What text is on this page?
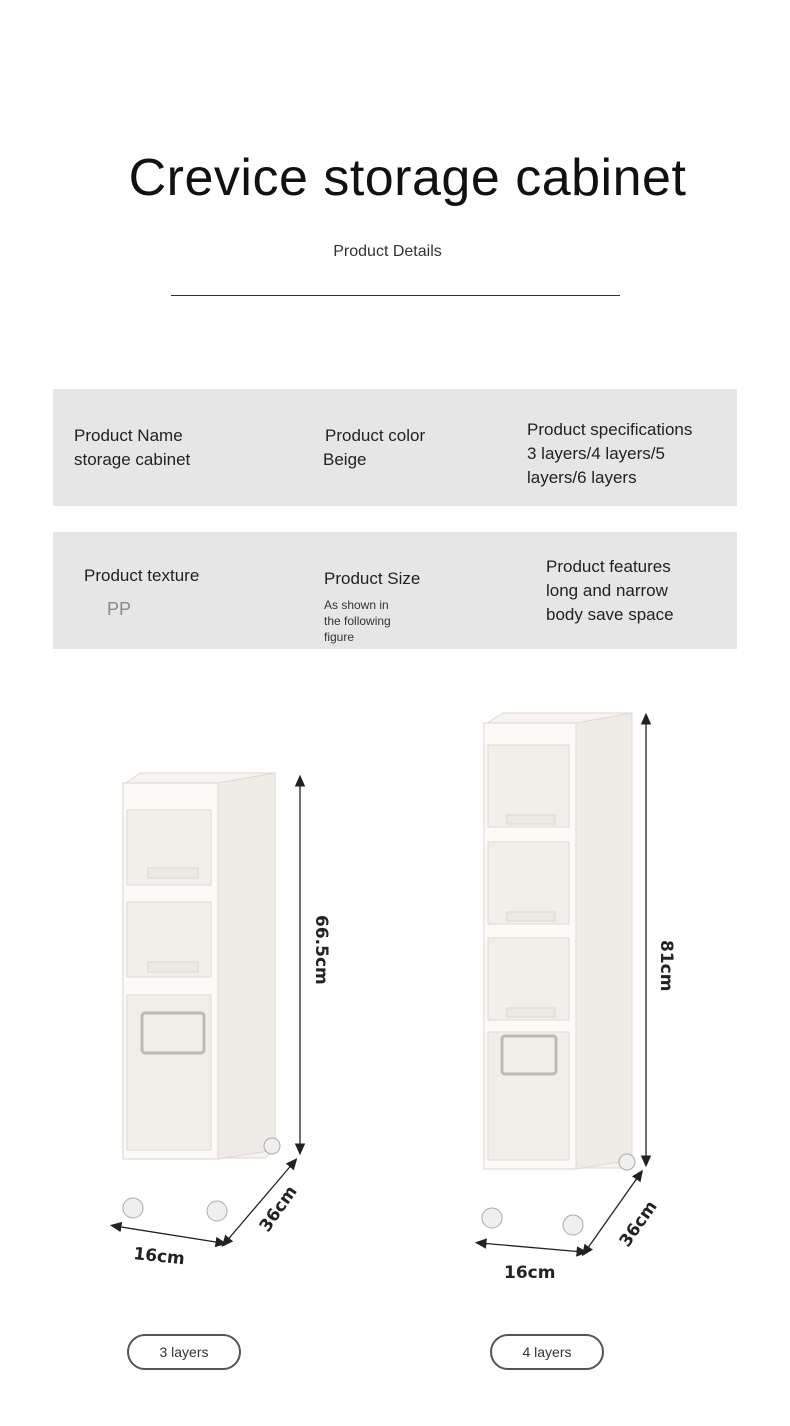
Crevice storage cabinet
Product Details
Product Name
storage cabinet
Product color
Beige
Product specifications
3 layers/4 layers/5
layers/6 layers
Product texture
PP
Product Size
As shown in
the following
figure
Product features
long and narrow
body save space
66.5cm
16cm
36cm
81cm
16cm
36cm
3 layers	4 layers
